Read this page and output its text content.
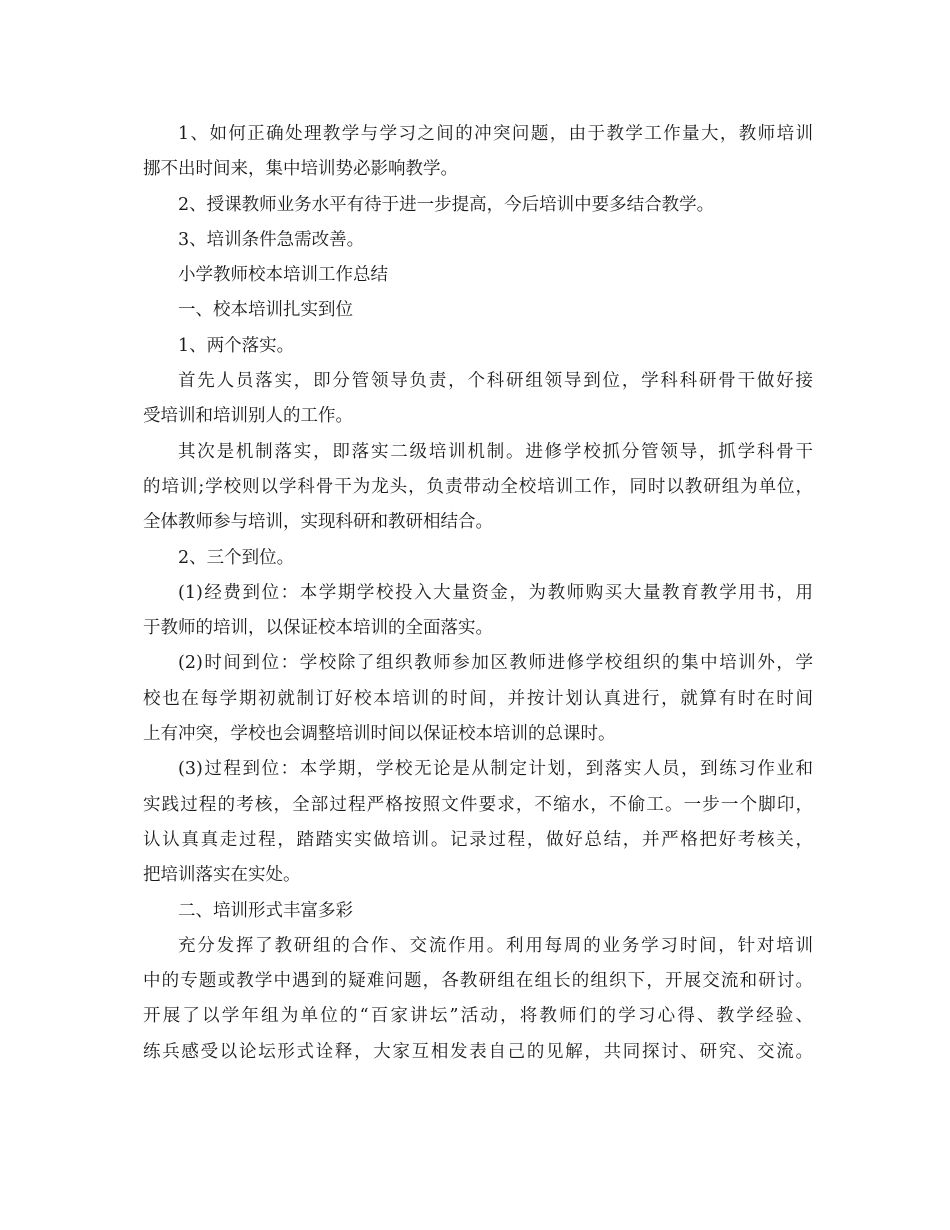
1、如何正确处理教学与学习之间的冲突问题，由于教学工作量大，教师培训
挪不出时间来，集中培训势必影响教学。
2、授课教师业务水平有待于进一步提高，今后培训中要多结合教学。
3、培训条件急需改善。
小学教师校本培训工作总结
一、校本培训扎实到位
1、两个落实。
首先人员落实，即分管领导负责，个科研组领导到位，学科科研骨干做好接
受培训和培训别人的工作。
其次是机制落实，即落实二级培训机制。进修学校抓分管领导，抓学科骨干
的培训;学校则以学科骨干为龙头，负责带动全校培训工作，同时以教研组为单位，
全体教师参与培训，实现科研和教研相结合。
2、三个到位。
(1)经费到位：本学期学校投入大量资金，为教师购买大量教育教学用书，用
于教师的培训，以保证校本培训的全面落实。
(2)时间到位：学校除了组织教师参加区教师进修学校组织的集中培训外，学
校也在每学期初就制订好校本培训的时间，并按计划认真进行，就算有时在时间
上有冲突，学校也会调整培训时间以保证校本培训的总课时。
(3)过程到位：本学期，学校无论是从制定计划，到落实人员，到练习作业和
实践过程的考核，全部过程严格按照文件要求，不缩水，不偷工。一步一个脚印，
认认真真走过程，踏踏实实做培训。记录过程，做好总结，并严格把好考核关，
把培训落实在实处。
二、培训形式丰富多彩
充分发挥了教研组的合作、交流作用。利用每周的业务学习时间，针对培训
中的专题或教学中遇到的疑难问题，各教研组在组长的组织下，开展交流和研讨。
开展了以学年组为单位的“百家讲坛”活动，将教师们的学习心得、教学经验、
练兵感受以论坛形式诠释，大家互相发表自己的见解，共同探讨、研究、交流。
